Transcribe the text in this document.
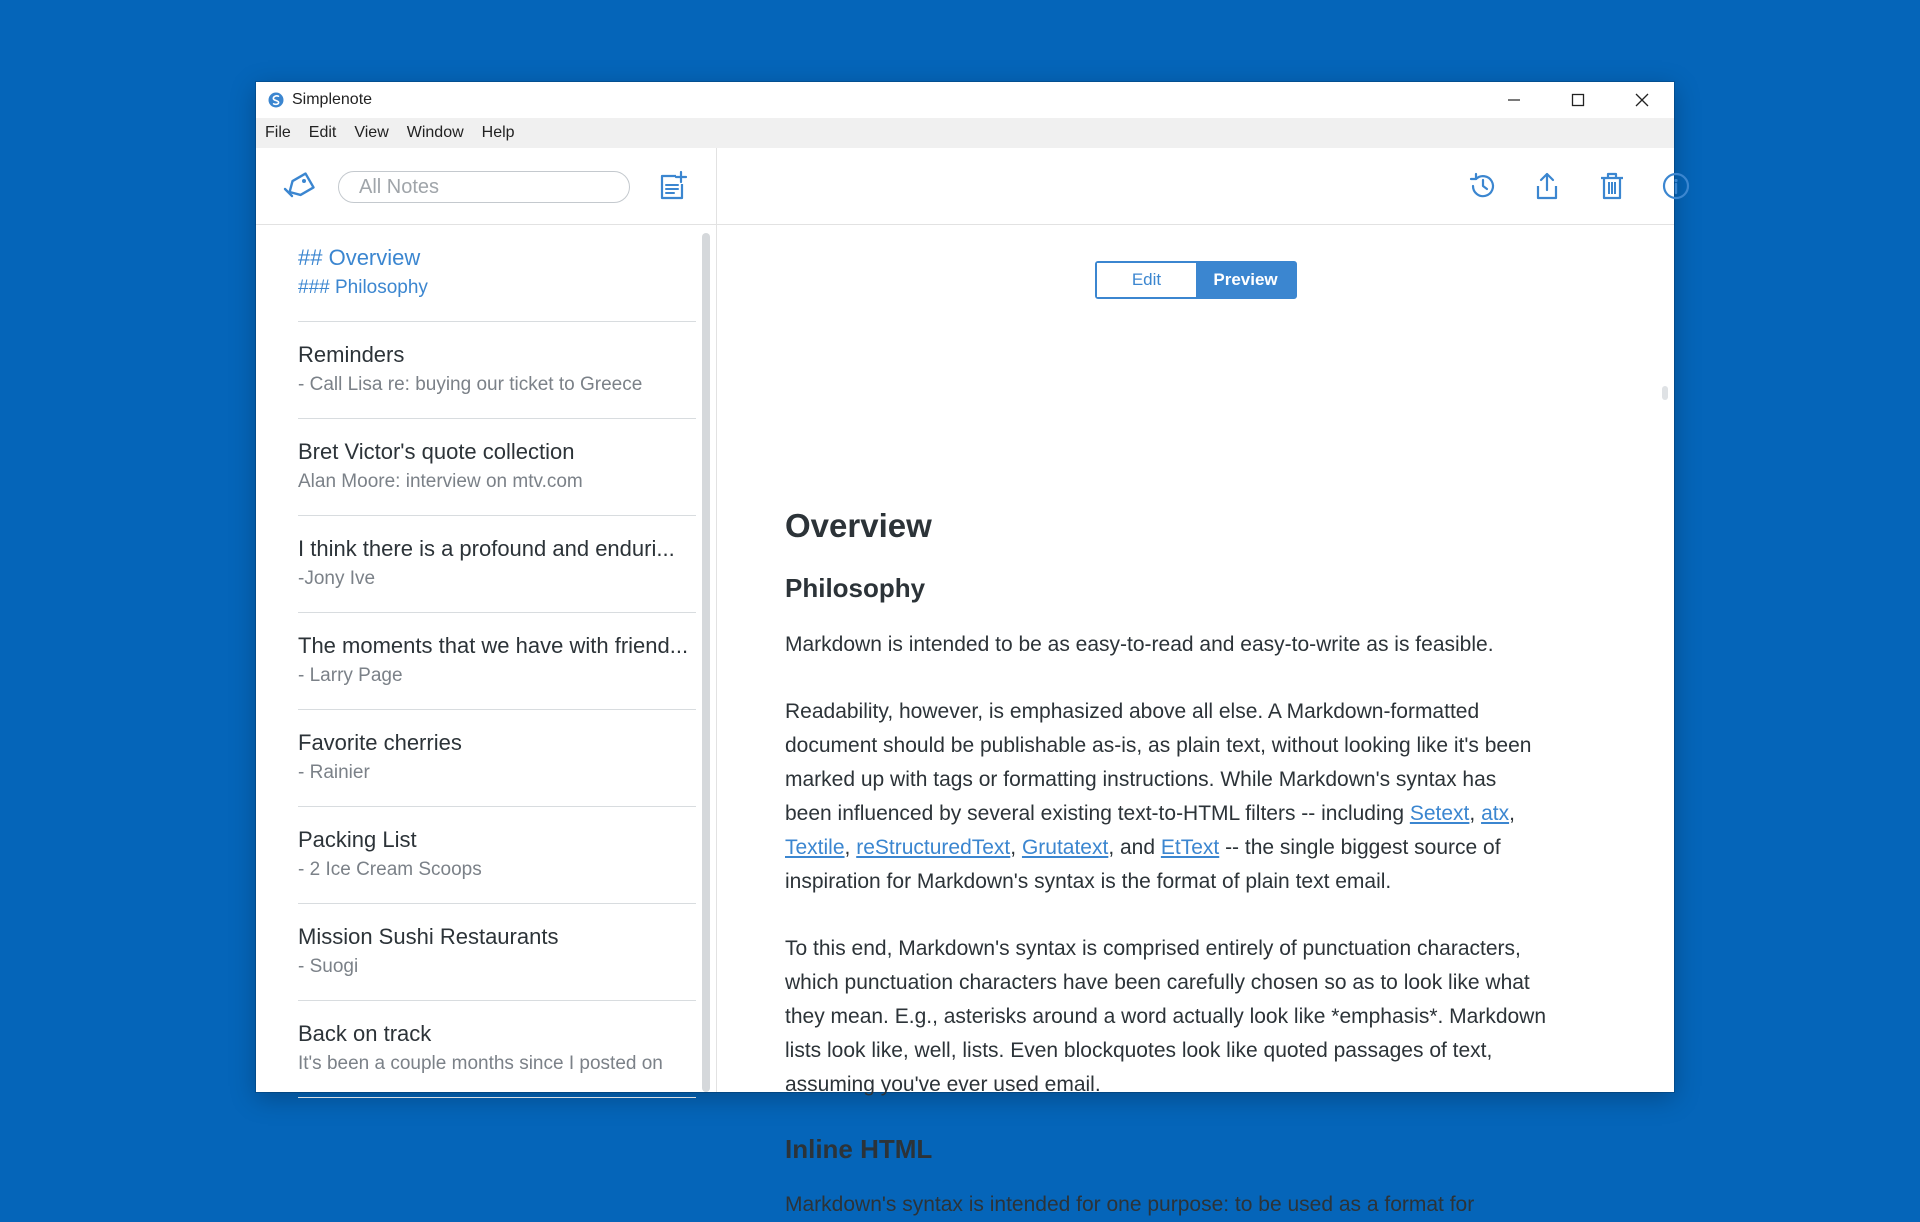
Simplenote
File	Edit	View	Window	Help
All Notes
## Overview
### Philosophy
Reminders
- Call Lisa re: buying our ticket to Greece
Bret Victor's quote collection
Alan Moore: interview on mtv.com
I think there is a profound and enduri...
-Jony Ive
The moments that we have with friend...
- Larry Page
Favorite cherries
- Rainier
Packing List
- 2 Ice Cream Scoops
Mission Sushi Restaurants
- Suogi
Back on track
It's been a couple months since I posted on
Edit	Preview
Overview
Philosophy

Markdown is intended to be as easy-to-read and easy-to-write as is feasible.

Readability, however, is emphasized above all else. A Markdown-formatted

document should be publishable as-is, as plain text, without looking like it's been

marked up with tags or formatting instructions. While Markdown's syntax has

been influenced by several existing text-to-HTML filters -- including Setext, atx,

Textile, reStructuredText, Grutatext, and EtText -- the single biggest source of

inspiration for Markdown's syntax is the format of plain text email.

To this end, Markdown's syntax is comprised entirely of punctuation characters,

which punctuation characters have been carefully chosen so as to look like what

they mean. E.g., asterisks around a word actually look like *emphasis*. Markdown

lists look like, well, lists. Even blockquotes look like quoted passages of text,

assuming you've ever used email.

Inline HTML

Markdown's syntax is intended for one purpose: to be used as a format for
